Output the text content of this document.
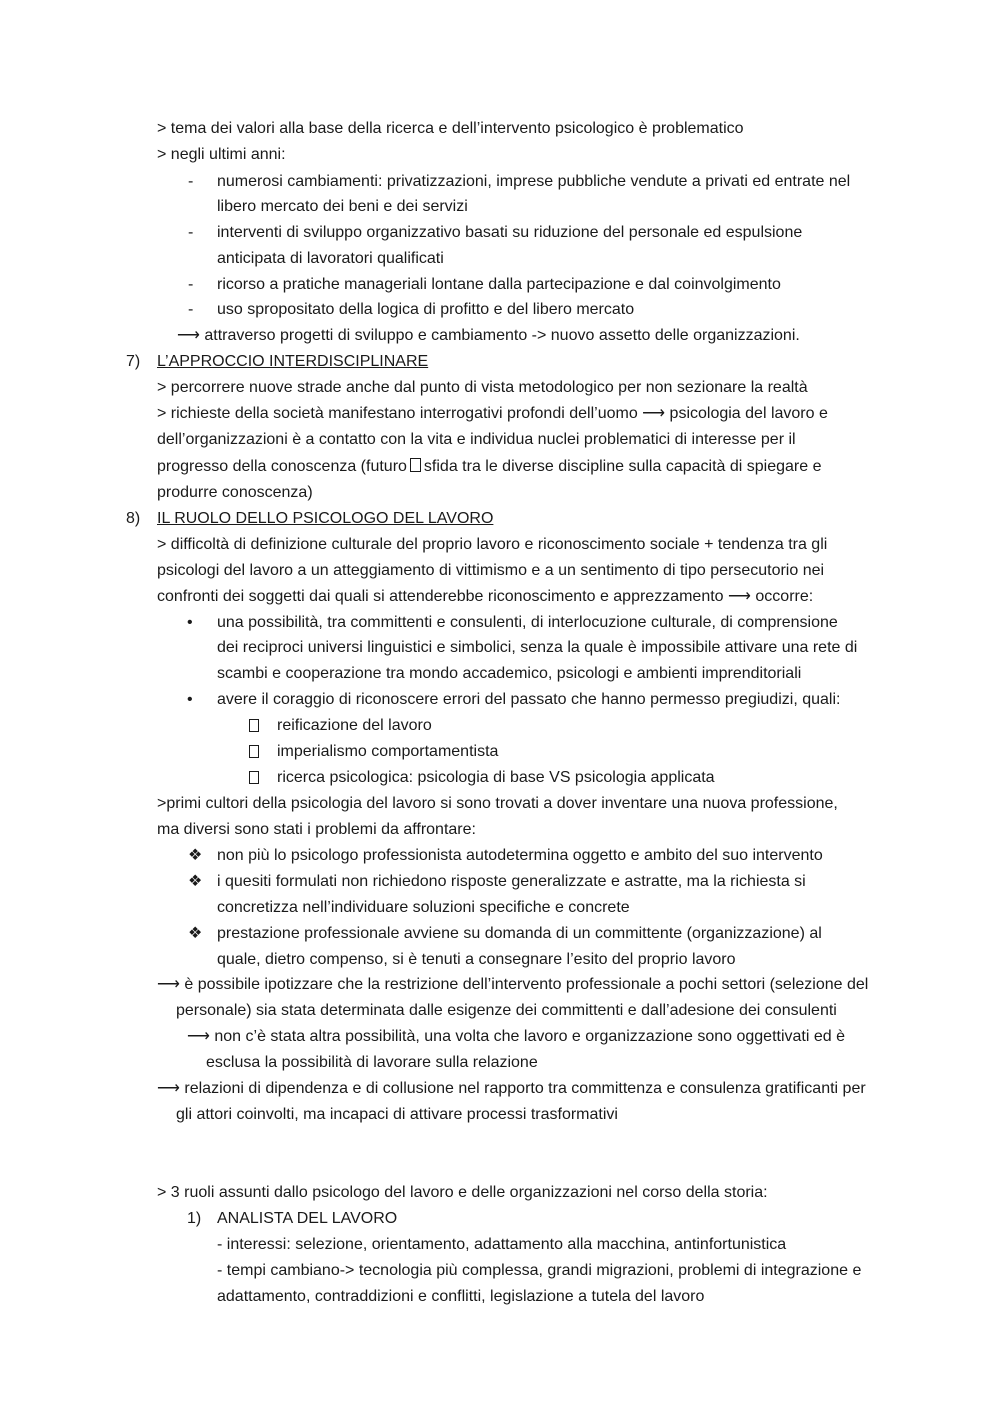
> tema dei valori alla base della ricerca e dell’intervento psicologico è problematico
> negli ultimi anni:
- numerosi cambiamenti: privatizzazioni, imprese pubbliche vendute a privati ed entrate nel
libero mercato dei beni e dei servizi
- interventi di sviluppo organizzativo basati su riduzione del personale ed espulsione
anticipata di lavoratori qualificati
- ricorso a pratiche manageriali lontane dalla partecipazione e dal coinvolgimento
- uso spropositato della logica di profitto e del libero mercato
⟶ attraverso progetti di sviluppo e cambiamento -> nuovo assetto delle organizzazioni.
7) L’APPROCCIO INTERDISCIPLINARE
> percorrere nuove strade anche dal punto di vista metodologico per non sezionare la realtà
> richieste della società manifestano interrogativi profondi dell’uomo ⟶ psicologia del lavoro e
dell’organizzazioni è a contatto con la vita e individua nuclei problematici di interesse per il
progresso della conoscenza (futuro sfida tra le diverse discipline sulla capacità di spiegare e
produrre conoscenza)
8) IL RUOLO DELLO PSICOLOGO DEL LAVORO
> difficoltà di definizione culturale del proprio lavoro e riconoscimento sociale + tendenza tra gli
psicologi del lavoro a un atteggiamento di vittimismo e a un sentimento di tipo persecutorio nei
confronti dei soggetti dai quali si attenderebbe riconoscimento e apprezzamento ⟶ occorre:
• una possibilità, tra committenti e consulenti, di interlocuzione culturale, di comprensione
dei reciproci universi linguistici e simbolici, senza la quale è impossibile attivare una rete di
scambi e cooperazione tra mondo accademico, psicologi e ambienti imprenditoriali
• avere il coraggio di riconoscere errori del passato che hanno permesso pregiudizi, quali:
reificazione del lavoro
imperialismo comportamentista
ricerca psicologica: psicologia di base VS psicologia applicata
>primi cultori della psicologia del lavoro si sono trovati a dover inventare una nuova professione,
ma diversi sono stati i problemi da affrontare:
❖ non più lo psicologo professionista autodetermina oggetto e ambito del suo intervento
❖ i quesiti formulati non richiedono risposte generalizzate e astratte, ma la richiesta si
concretizza nell’individuare soluzioni specifiche e concrete
❖ prestazione professionale avviene su domanda di un committente (organizzazione) al
quale, dietro compenso, si è tenuti a consegnare l’esito del proprio lavoro
⟶ è possibile ipotizzare che la restrizione dell’intervento professionale a pochi settori (selezione del
personale) sia stata determinata dalle esigenze dei committenti e dall’adesione dei consulenti
⟶ non c’è stata altra possibilità, una volta che lavoro e organizzazione sono oggettivati ed è
esclusa la possibilità di lavorare sulla relazione
⟶ relazioni di dipendenza e di collusione nel rapporto tra committenza e consulenza gratificanti per
gli attori coinvolti, ma incapaci di attivare processi trasformativi
> 3 ruoli assunti dallo psicologo del lavoro e delle organizzazioni nel corso della storia:
1) ANALISTA DEL LAVORO
- interessi: selezione, orientamento, adattamento alla macchina, antinfortunistica
- tempi cambiano-> tecnologia più complessa, grandi migrazioni, problemi di integrazione e
adattamento, contraddizioni e conflitti, legislazione a tutela del lavoro
